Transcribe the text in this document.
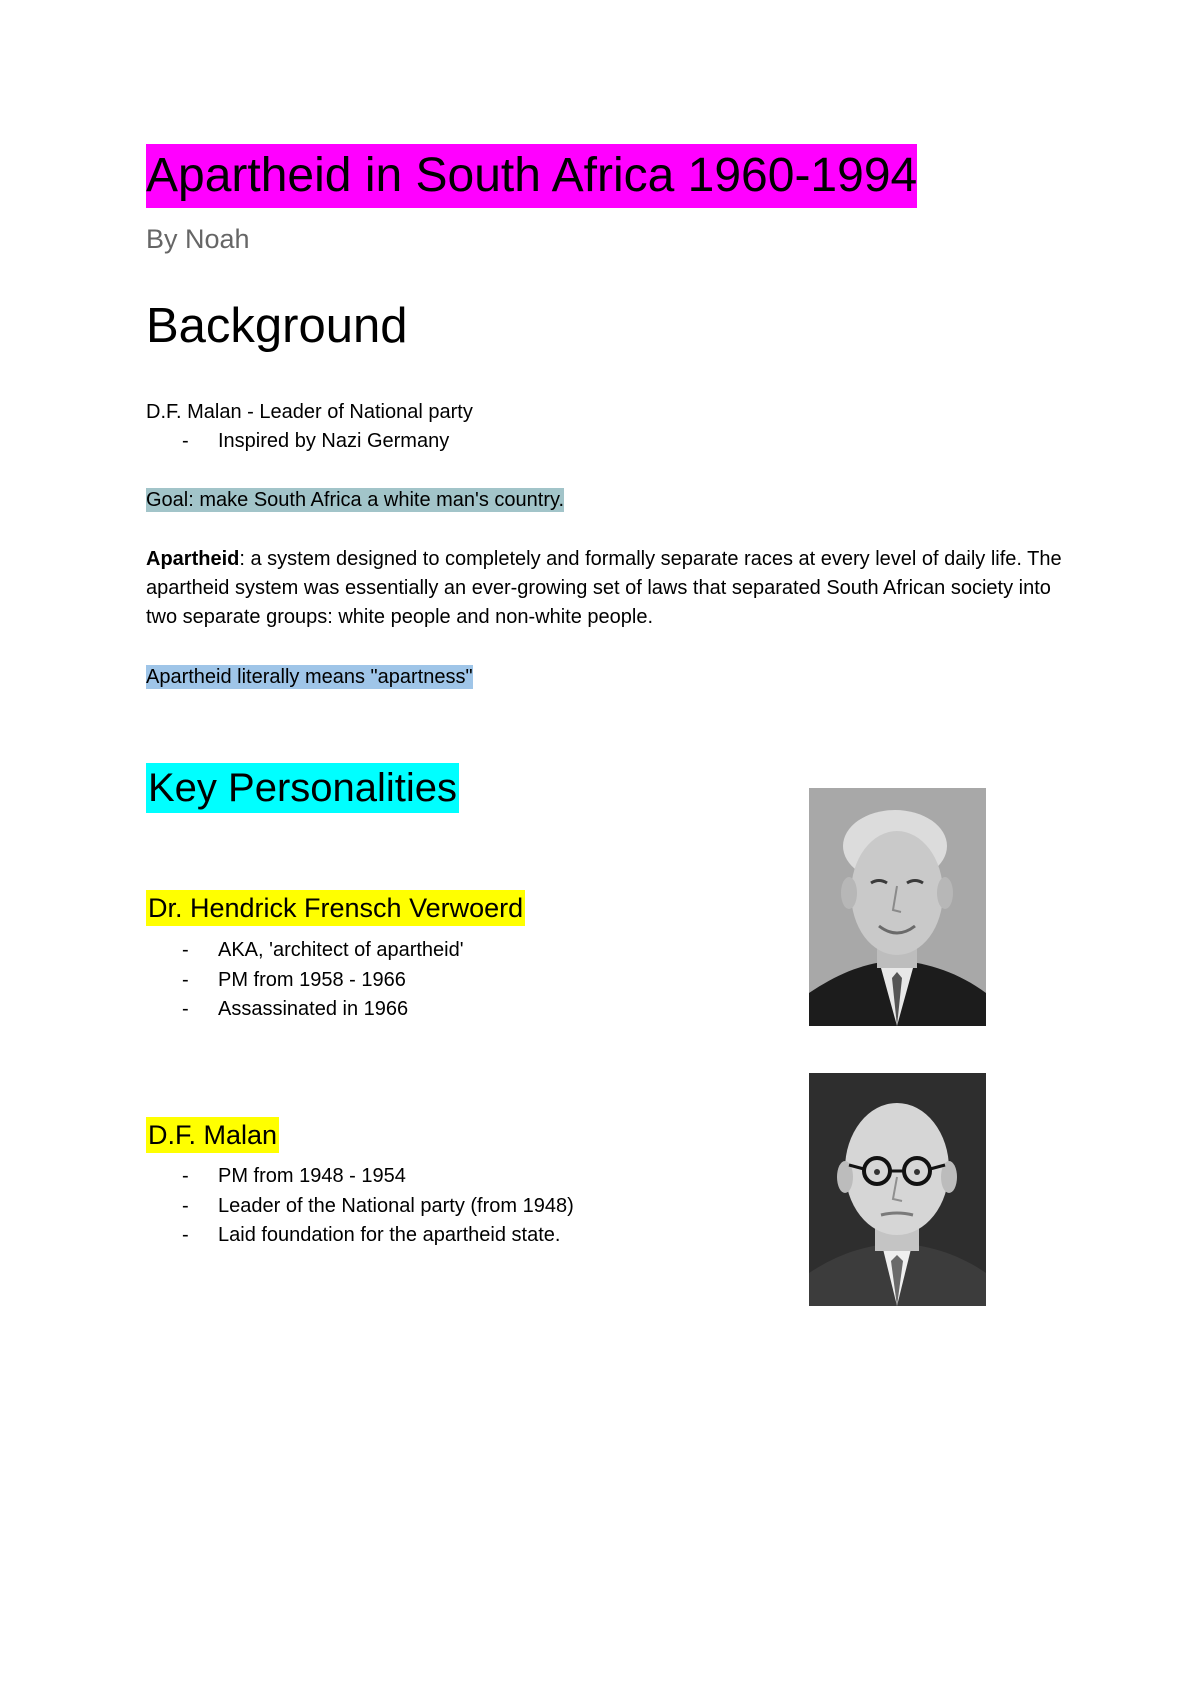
Apartheid in South Africa 1960-1994
By Noah
Background
D.F. Malan - Leader of National party
-	Inspired by Nazi Germany
Goal: make South Africa a white man's country.
Apartheid: a system designed to completely and formally separate races at every level of daily life. The apartheid system was essentially an ever-growing set of laws that separated South African society into two separate groups: white people and non-white people.
Apartheid literally means "apartness"
Key Personalities
Dr. Hendrick Frensch Verwoerd
-	AKA, 'architect of apartheid'
-	PM from 1958 - 1966
-	Assassinated in 1966
D.F. Malan
-	PM from 1948 - 1954
-	Leader of the National party (from 1948)
-	Laid foundation for the apartheid state.
